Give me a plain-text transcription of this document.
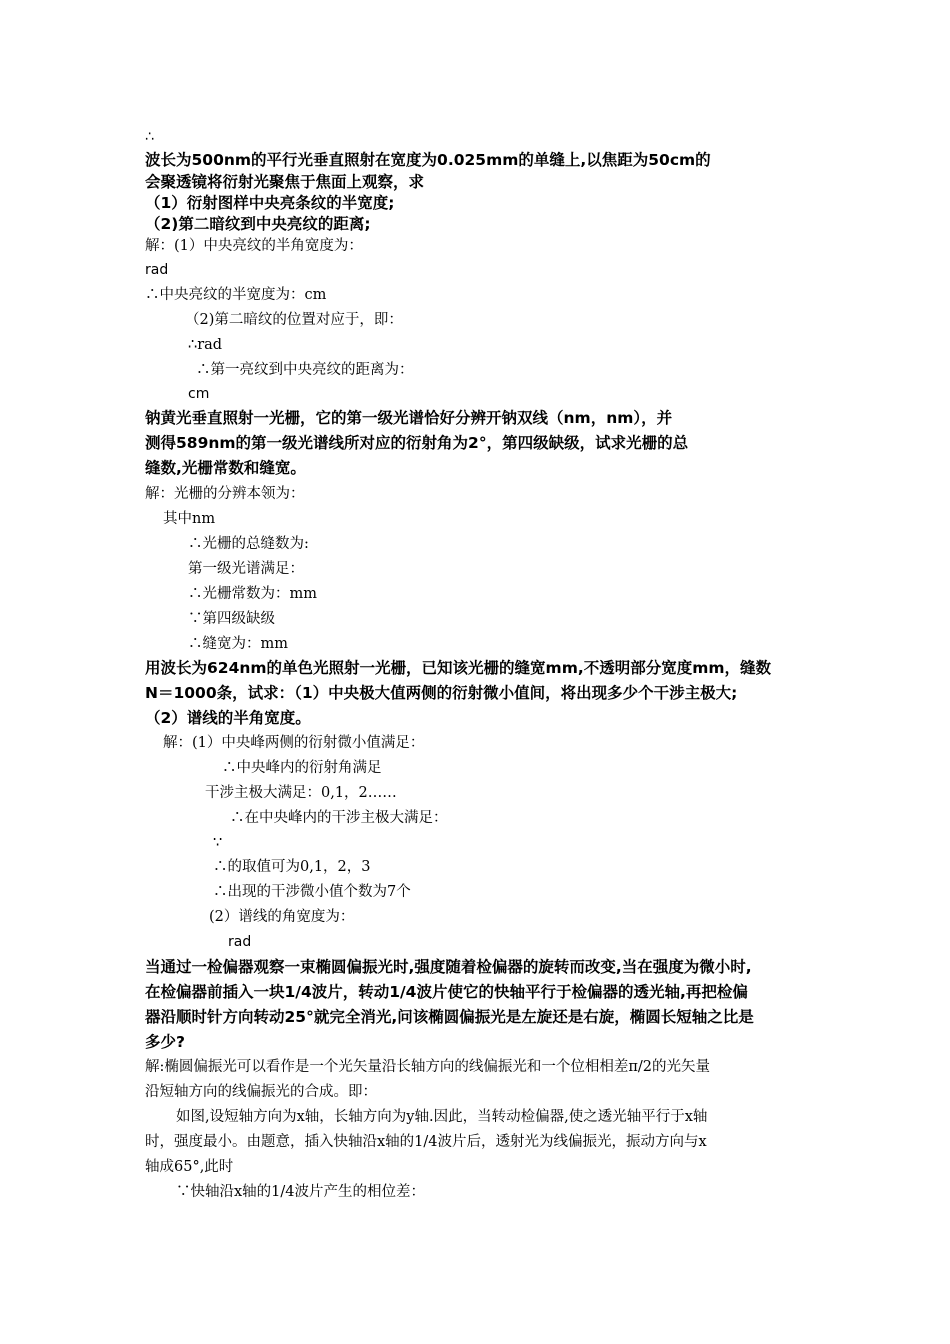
∴
波长为500nm的平行光垂直照射在宽度为0.025mm的单缝上,以焦距为50cm的
会聚透镜将衍射光聚焦于焦面上观察，求
（1）衍射图样中央亮条纹的半宽度;
（2)第二暗纹到中央亮纹的距离;
解：(1）中央亮纹的半角宽度为：
rad
∴中央亮纹的半宽度为：cm
（2)第二暗纹的位置对应于，即：
∴rad
∴第一亮纹到中央亮纹的距离为：
cm
钠黄光垂直照射一光栅，它的第一级光谱恰好分辨开钠双线（nm，nm），并
测得589nm的第一级光谱线所对应的衍射角为2°，第四级缺级，试求光栅的总
缝数,光栅常数和缝宽。
解：光栅的分辨本领为：
其中nm
∴光栅的总缝数为:
第一级光谱满足：
∴光栅常数为：mm
∵第四级缺级
∴缝宽为：mm
用波长为624nm的单色光照射一光栅，已知该光栅的缝宽mm,不透明部分宽度mm，缝数
N＝1000条，试求：（1）中央极大值两侧的衍射微小值间，将出现多少个干涉主极大;
（2）谱线的半角宽度。
解：(1）中央峰两侧的衍射微小值满足：
∴中央峰内的衍射角满足
干涉主极大满足：0,1，2……
∴在中央峰内的干涉主极大满足：
∵
∴的取值可为0,1，2，3
∴出现的干涉微小值个数为7个
(2）谱线的角宽度为：
rad
当通过一检偏器观察一束椭圆偏振光时,强度随着检偏器的旋转而改变,当在强度为微小时,
在检偏器前插入一块1/4波片，转动1/4波片使它的快轴平行于检偏器的透光轴,再把检偏
器沿顺时针方向转动25°就完全消光,问该椭圆偏振光是左旋还是右旋，椭圆长短轴之比是
多少?
解:椭圆偏振光可以看作是一个光矢量沿长轴方向的线偏振光和一个位相相差π/2的光矢量
沿短轴方向的线偏振光的合成。即：
如图,设短轴方向为x轴，长轴方向为y轴.因此，当转动检偏器,使之透光轴平行于x轴
时，强度最小。由题意，插入快轴沿x轴的1/4波片后，透射光为线偏振光，振动方向与x
轴成65°,此时
∵快轴沿x轴的1/4波片产生的相位差：
